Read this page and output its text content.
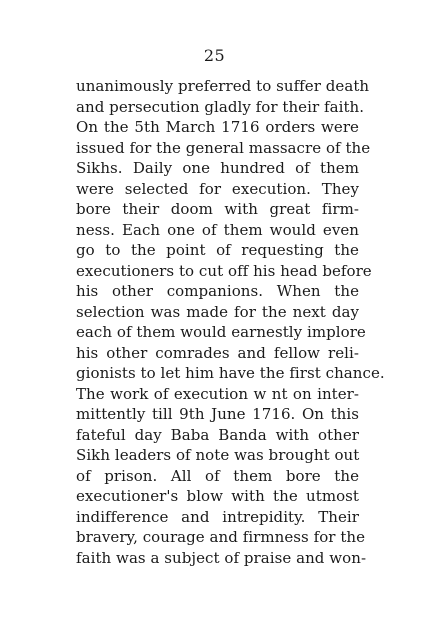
25
unanimously preferred to suffer death
and persecution gladly for their faith.
On the 5th March 1716 orders were
issued for the general massacre of the
Sikhs. Daily one hundred of them
were selected for execution. They
bore their doom with great firm-
ness. Each one of them would even
go to the point of requesting the
executioners to cut off his head before
his other companions. When the
selection was made for the next day
each of them would earnestly implore
his other comrades and fellow reli-
gionists to let him have the first chance.
The work of execution w nt on inter-
mittently till 9th June 1716. On this
fateful day Baba Banda with other
Sikh leaders of note was brought out
of prison. All of them bore the
executioner's blow with the utmost
indifference and intrepidity. Their
bravery, courage and firmness for the
faith was a subject of praise and won-
